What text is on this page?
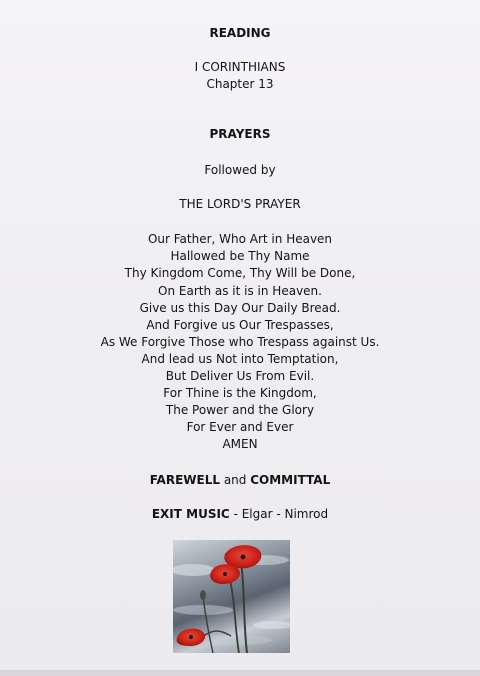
READING
I CORINTHIANS
Chapter 13
PRAYERS
Followed by
THE LORD'S PRAYER
Our Father, Who Art in Heaven
Hallowed be Thy Name
Thy Kingdom Come, Thy Will be Done,
On Earth as it is in Heaven.
Give us this Day Our Daily Bread.
And Forgive us Our Trespasses,
As We Forgive Those who Trespass against Us.
And lead us Not into Temptation,
But Deliver Us From Evil.
For Thine is the Kingdom,
The Power and the Glory
For Ever and Ever
AMEN
FAREWELL and COMMITTAL
EXIT MUSIC - Elgar - Nimrod
